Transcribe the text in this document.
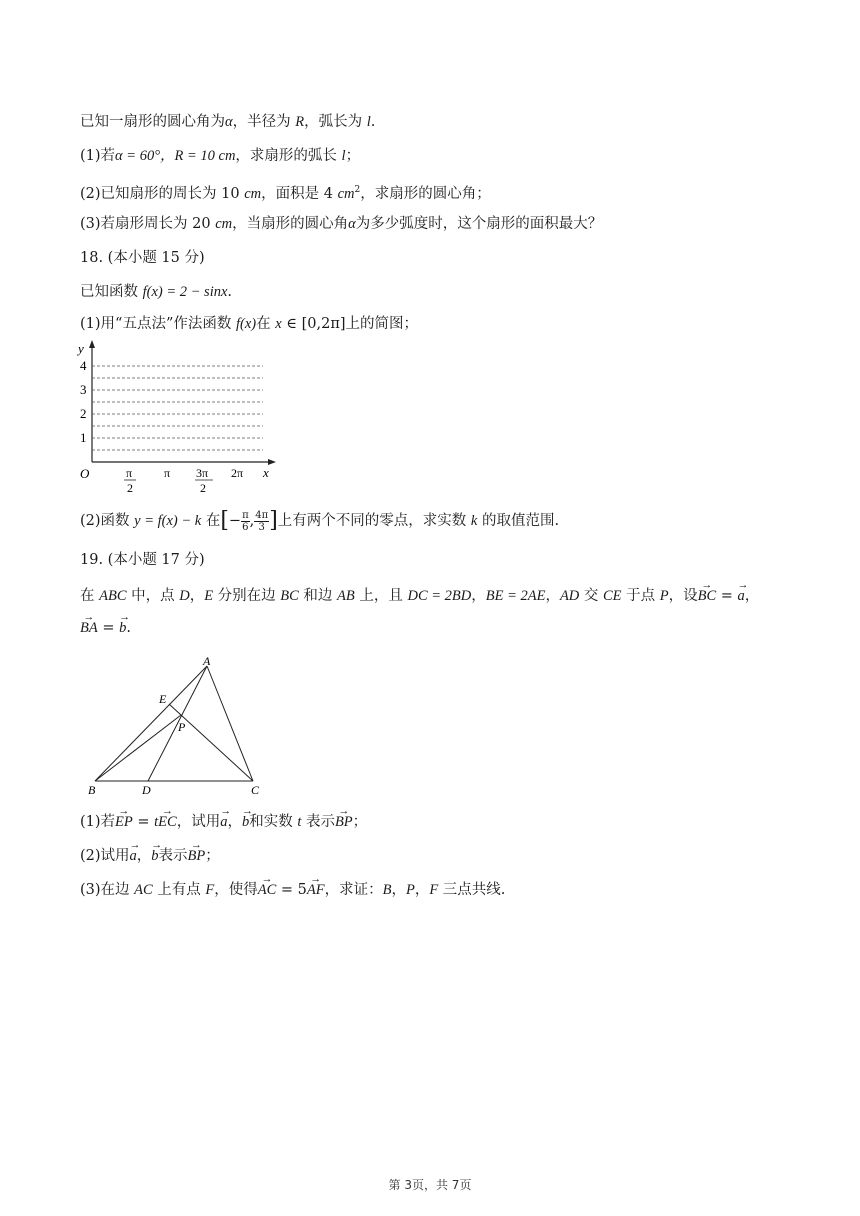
已知一扇形的圆心角为α，半径为 R，弧长为 l.
(1)若α = 60°，R = 10 cm，求扇形的弧长 l；
(2)已知扇形的周长为 10 cm，面积是 4 $cm^2$，求扇形的圆心角；
(3)若扇形周长为 20 cm，当扇形的圆心角α为多少弧度时，这个扇形的面积最大？
18. (本小题 15 分)
已知函数 f(x) = 2 − sinx.
(1)用“五点法”作法函数 f(x)在 x ∈ [0,2π]上的简图；
y
x
O
4
3
2
1
π
2
π 3π
2
2π
(2)函数 y = f(x) − k 在[− $\frac{\pi}{6}$ , $\frac{4\pi}{3}$ ]上有两个不同的零点，求实数 k 的取值范围.
19. (本小题 17 分)
在 ABC 中，点 D，E 分别在边 BC 和边 AB 上，且 DC = 2BD，BE = 2AE，AD 交 CE 于点 P，设→ BC = → a，
→ BA = → b.
A
E
P
B	D	C
(1)若→ EP = t→ EC，试用→ a，→ b和实数 t 表示→ BP；
(2)试用→ a，→ b表示→ BP；
(3)在边 AC 上有点 F，使得→ AC = 5→ AF，求证：B，P，F 三点共线.
第 3页，共 7页
